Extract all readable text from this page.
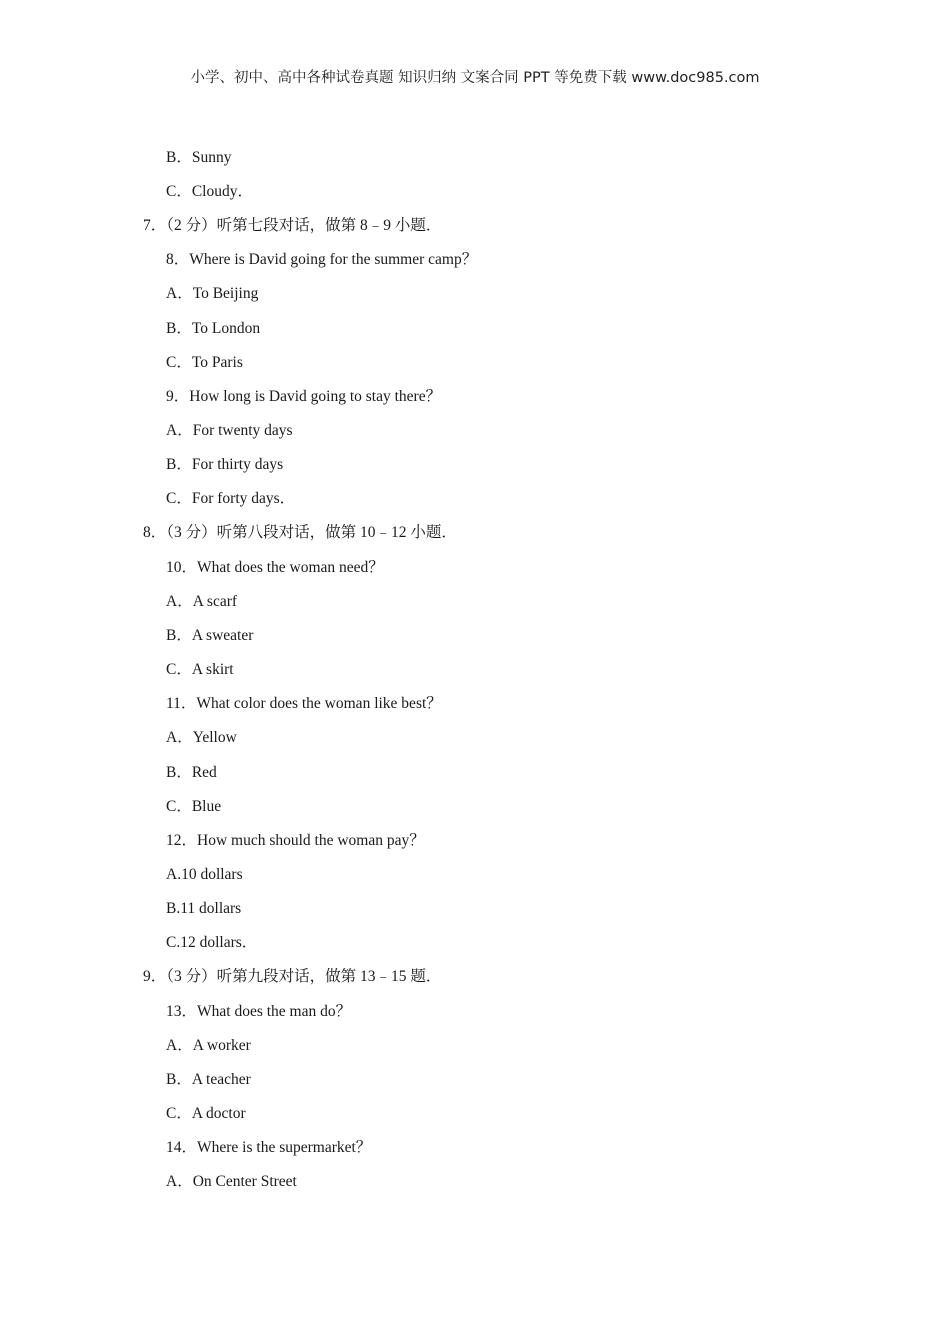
小学、初中、高中各种试卷真题 知识归纳 文案合同 PPT 等免费下载 www.doc985.com
B．Sunny
C．Cloudy．
7．（2 分）听第七段对话，做第 8﹣9 小题．
8．Where is David going for the summer camp？
A．To Beijing
B．To London
C．To Paris
9．How long is David going to stay there？
A．For twenty days
B．For thirty days
C．For forty days．
8．（3 分）听第八段对话，做第 10﹣12 小题．
10．What does the woman need？
A．A scarf
B．A sweater
C．A skirt
11．What color does the woman like best？
A．Yellow
B．Red
C．Blue
12．How much should the woman pay？
A.10 dollars
B.11 dollars
C.12 dollars．
9．（3 分）听第九段对话，做第 13﹣15 题．
13．What does the man do？
A．A worker
B．A teacher
C．A doctor
14．Where is the supermarket？
A．On Center Street
